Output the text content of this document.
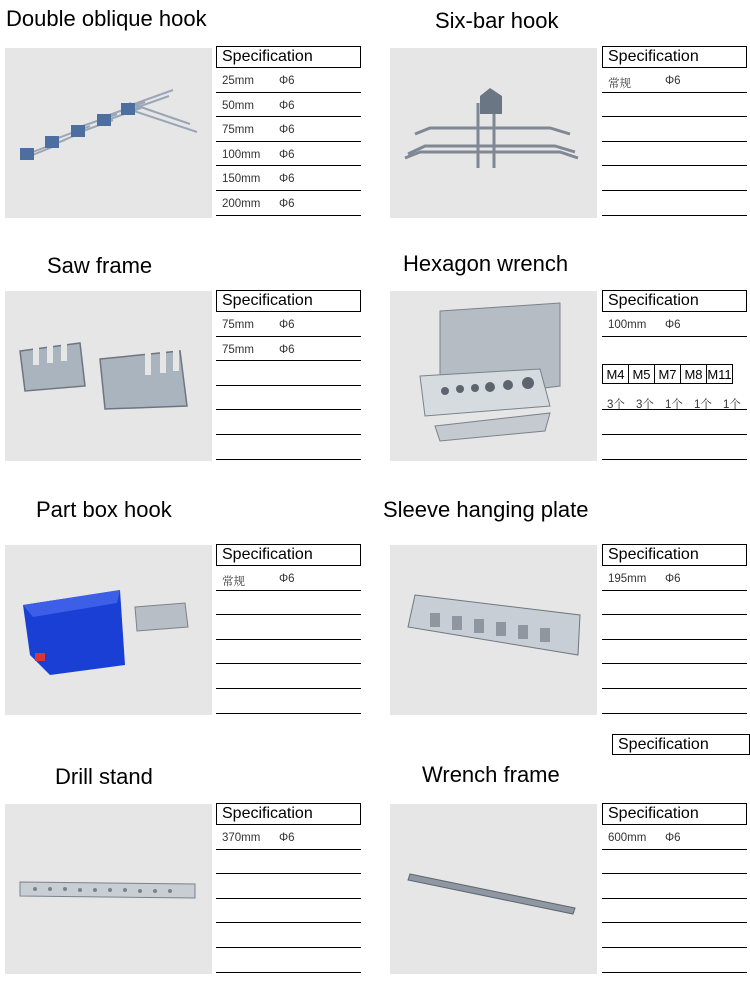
Double oblique hook	Six-bar hook
Saw frame	Hexagon wrench
Part box hook	Sleeve hanging plate
Drill stand	Wrench frame
Specification
25mm Φ6
50mm Φ6
75mm Φ6
100mm Φ6
150mm Φ6
200mm Φ6
Specification
常规	Φ6
Specification
75mm Φ6
75mm Φ6
Specification
100mm Φ6
Specification
常规	Φ6
Specification
195mm Φ6
Specification
370mm Φ6
Specification
600mm Φ6
M4 M5 M7 M8 M11
3个 3个 1个 1个 1个
Specification
